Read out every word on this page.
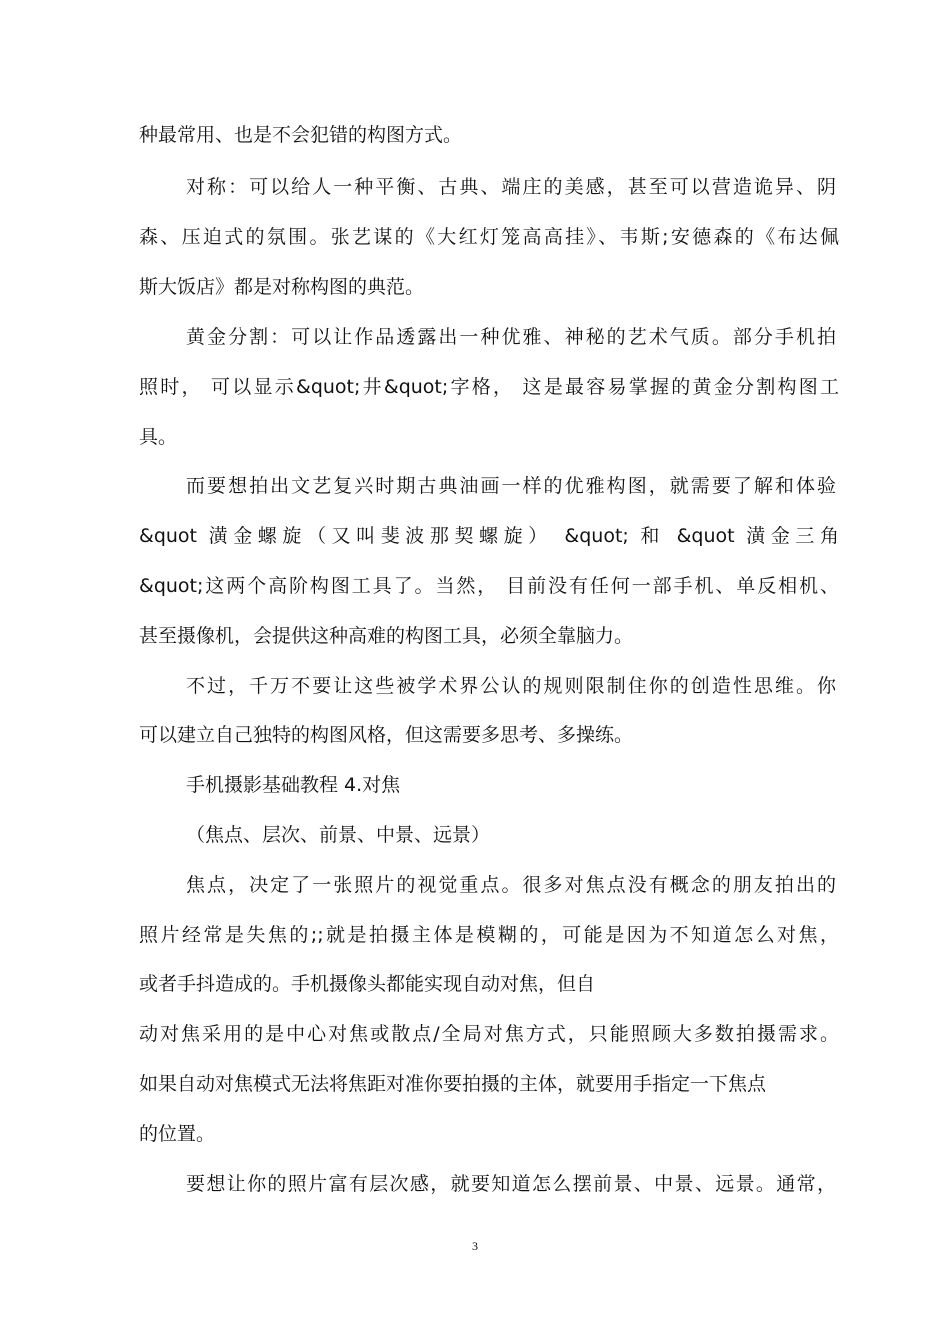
种最常用、也是不会犯错的构图方式。

对称：可以给人一种平衡、古典、端庄的美感，甚至可以营造诡异、阴

森、压迫式的氛围。张艺谋的《大红灯笼高高挂》、韦斯;安德森的《布达佩

斯大饭店》都是对称构图的典范。

黄金分割：可以让作品透露出一种优雅、神秘的艺术气质。部分手机拍

照时， 可以显示&quot;井&quot;字格， 这是最容易掌握的黄金分割构图工

具。

而要想拍出文艺复兴时期古典油画一样的优雅构图，就需要了解和体验

&quot 潢金螺旋（又叫斐波那契螺旋） &quot; 和 &quot 潢金三角

&quot;这两个高阶构图工具了。当然， 目前没有任何一部手机、单反相机、

甚至摄像机，会提供这种高难的构图工具，必须全靠脑力。

不过，千万不要让这些被学术界公认的规则限制住你的创造性思维。你

可以建立自己独特的构图风格，但这需要多思考、多操练。

手机摄影基础教程 4.对焦

（焦点、层次、前景、中景、远景）

焦点，决定了一张照片的视觉重点。很多对焦点没有概念的朋友拍出的

照片经常是失焦的;;就是拍摄主体是模糊的，可能是因为不知道怎么对焦，

或者手抖造成的。手机摄像头都能实现自动对焦，但自

动对焦采用的是中心对焦或散点/全局对焦方式，只能照顾大多数拍摄需求。

如果自动对焦模式无法将焦距对准你要拍摄的主体，就要用手指定一下焦点

的位置。

要想让你的照片富有层次感，就要知道怎么摆前景、中景、远景。通常，

3
